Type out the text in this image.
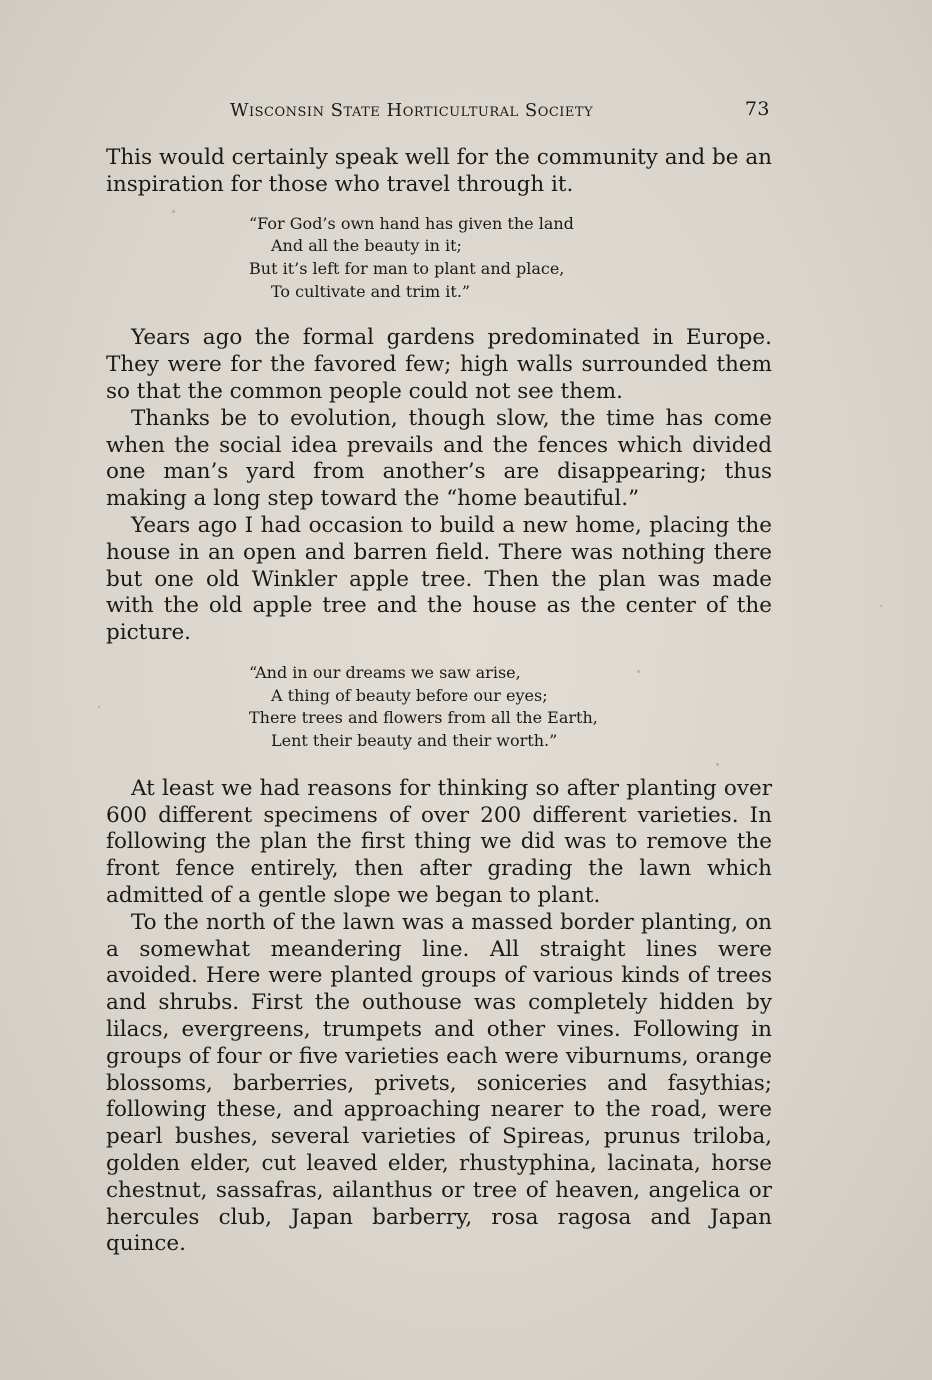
Wisconsin State Horticultural Society	73

This would certainly speak well for the community and be an inspiration for those who travel through it.

“For God’s own hand has given the land
And all the beauty in it;
But it’s left for man to plant and place,
To cultivate and trim it.”

Years ago the formal gardens predominated in Europe. They were for the favored few; high walls surrounded them so that the common people could not see them.

Thanks be to evolution, though slow, the time has come when the social idea prevails and the fences which divided one man’s yard from another’s are disappearing; thus making a long step toward the “home beautiful.”

Years ago I had occasion to build a new home, placing the house in an open and barren field. There was nothing there but one old Winkler apple tree. Then the plan was made with the old apple tree and the house as the center of the picture.

“And in our dreams we saw arise,
A thing of beauty before our eyes;
There trees and flowers from all the Earth,
Lent their beauty and their worth.”

At least we had reasons for thinking so after planting over 600 different specimens of over 200 different varieties. In following the plan the first thing we did was to remove the front fence entirely, then after grading the lawn which admitted of a gentle slope we began to plant.

To the north of the lawn was a massed border planting, on a somewhat meandering line. All straight lines were avoided. Here were planted groups of various kinds of trees and shrubs. First the outhouse was completely hidden by lilacs, evergreens, trumpets and other vines. Following in groups of four or five varieties each were viburnums, orange blossoms, barberries, privets, soniceries and fasythias; following these, and approaching nearer to the road, were pearl bushes, several varieties of Spireas, prunus triloba, golden elder, cut leaved elder, rhustyphina, lacinata, horse chestnut, sassafras, ailanthus or tree of heaven, angelica or hercules club, Japan barberry, rosa ragosa and Japan quince.
